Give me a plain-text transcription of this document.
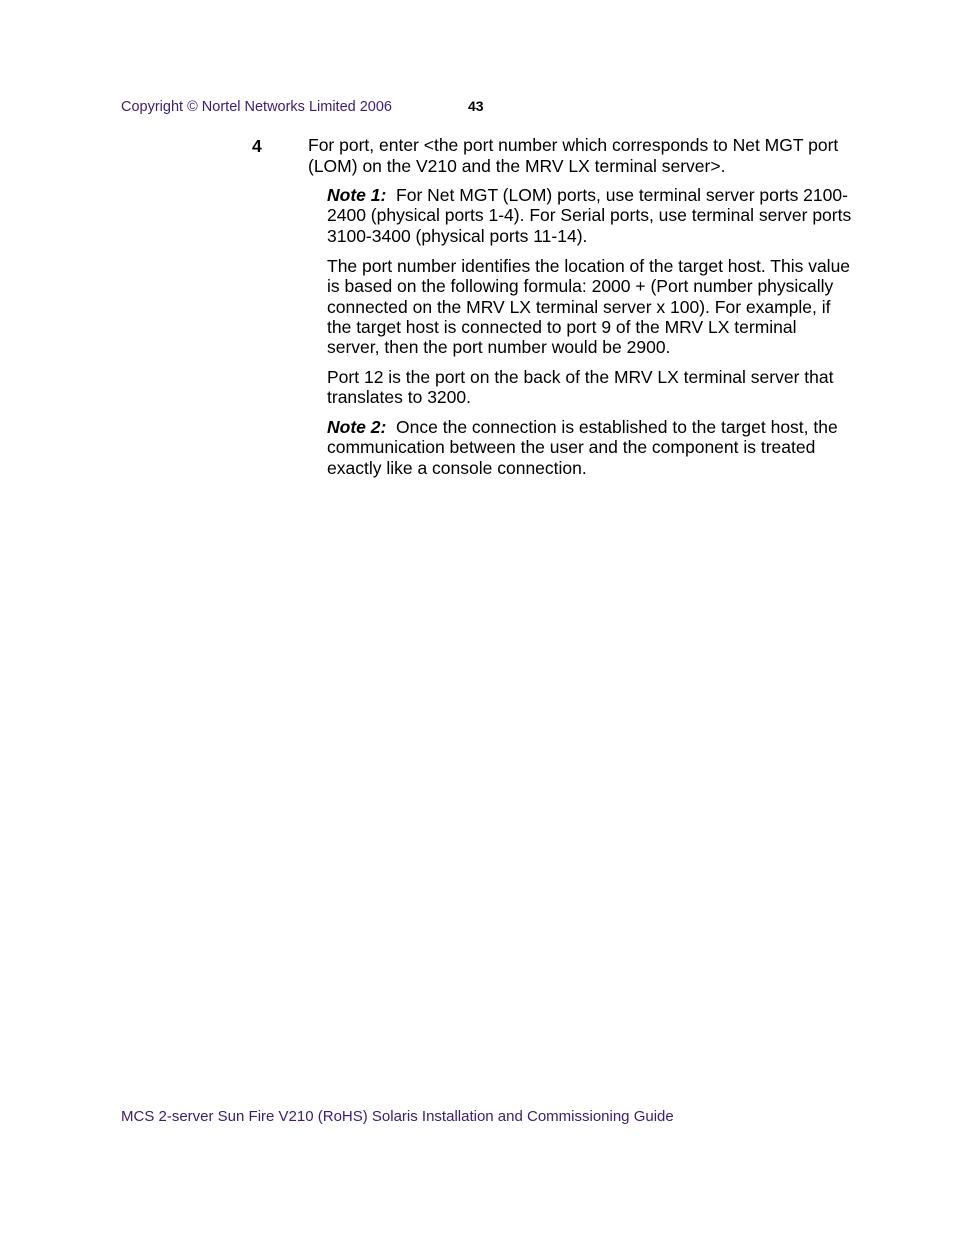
Copyright © Nortel Networks Limited 2006	43
4	For port, enter <the port number which corresponds to Net MGT port (LOM) on the V210 and the MRV LX terminal server>.
Note 1: For Net MGT (LOM) ports, use terminal server ports 2100-2400 (physical ports 1-4). For Serial ports, use terminal server ports 3100-3400 (physical ports 11-14).
The port number identifies the location of the target host. This value is based on the following formula: 2000 + (Port number physically connected on the MRV LX terminal server x 100). For example, if the target host is connected to port 9 of the MRV LX terminal server, then the port number would be 2900.
Port 12 is the port on the back of the MRV LX terminal server that translates to 3200.
Note 2: Once the connection is established to the target host, the communication between the user and the component is treated exactly like a console connection.
MCS 2-server Sun Fire V210 (RoHS) Solaris Installation and Commissioning Guide
